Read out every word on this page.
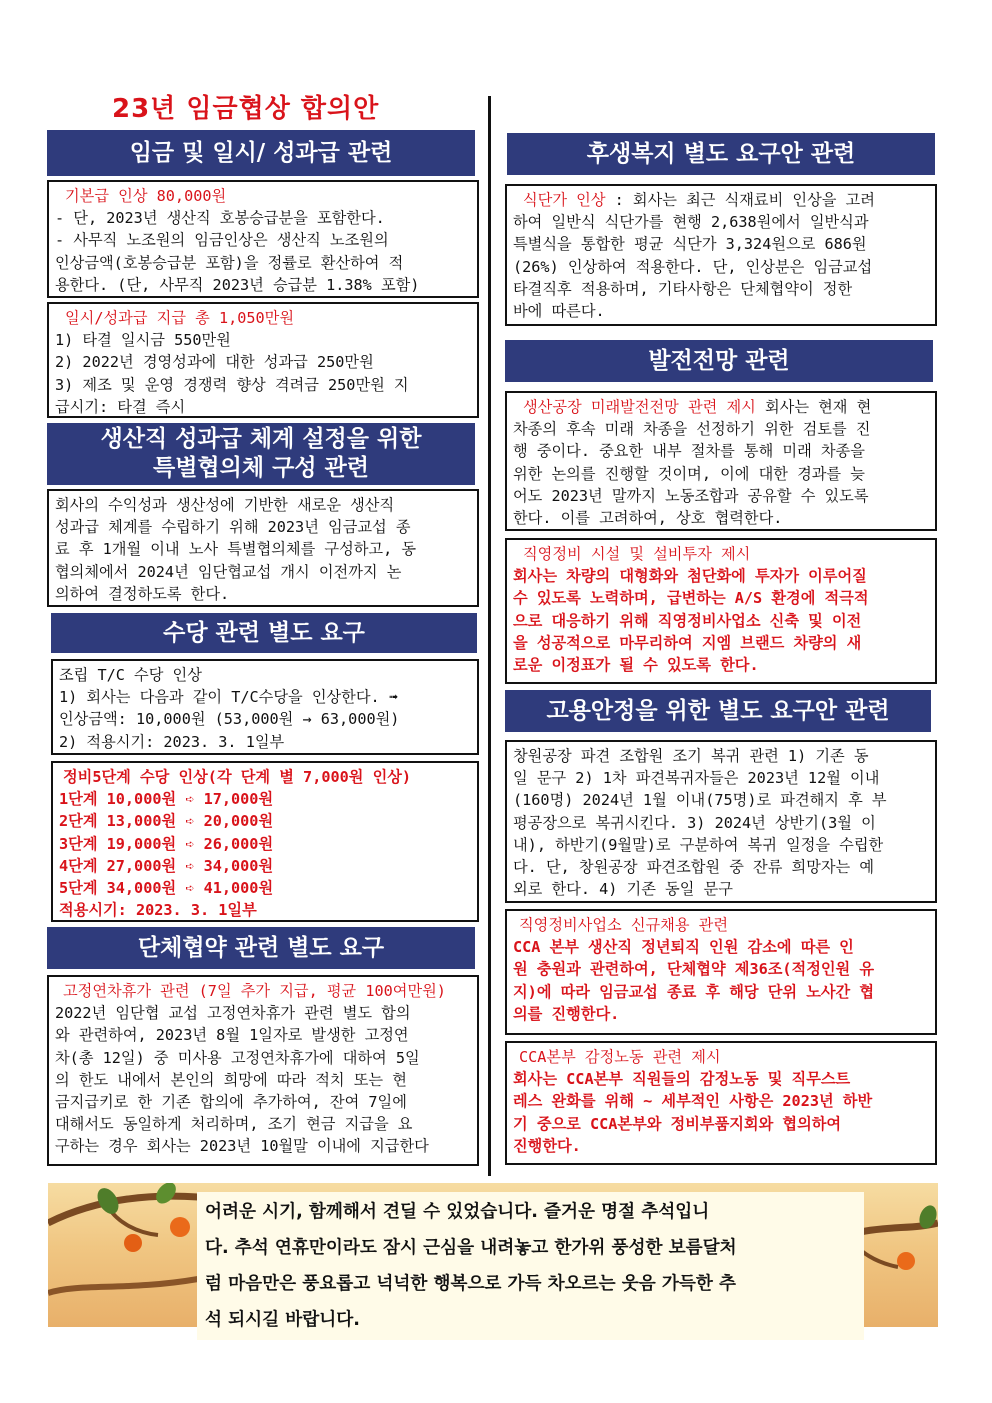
23년 임금협상 합의안
임금 및 일시/ 성과급 관련
기본급 인상 80,000원
- 단, 2023년 생산직 호봉승급분을 포함한다.
- 사무직 노조원의 임금인상은 생산직 노조원의
인상금액(호봉승급분 포함)을 정률로 환산하여 적
용한다. (단, 사무직 2023년 승급분 1.38% 포함)
일시/성과급 지급 총 1,050만원
1) 타결 일시금 550만원
2) 2022년 경영성과에 대한 성과급 250만원
3) 제조 및 운영 경쟁력 향상 격려금 250만원 지
급시기: 타결 즉시
생산직 성과급 체계 설정을 위한
특별협의체 구성 관련
회사의 수익성과 생산성에 기반한 새로운 생산직
성과급 체계를 수립하기 위해 2023년 임금교섭 종
료 후 1개월 이내 노사 특별협의체를 구성하고, 동
협의체에서 2024년 임단협교섭 개시 이전까지 논
의하여 결정하도록 한다.
수당 관련 별도 요구
조립 T/C 수당 인상
1) 회사는 다음과 같이 T/C수당을 인상한다. ➟
인상금액: 10,000원 (53,000원 → 63,000원)
2) 적용시기: 2023. 3. 1일부
정비5단계 수당 인상(각 단계 별 7,000원 인상)
1단계 10,000원 ➪ 17,000원
2단계 13,000원 ➪ 20,000원
3단계 19,000원 ➪ 26,000원
4단계 27,000원 ➪ 34,000원
5단계 34,000원 ➪ 41,000원
적용시기: 2023. 3. 1일부
단체협약 관련 별도 요구
고정연차휴가 관련 (7일 추가 지급, 평균 100여만원)
2022년 임단협 교섭 고정연차휴가 관련 별도 합의
와 관련하여, 2023년 8월 1일자로 발생한 고정연
차(총 12일) 중 미사용 고정연차휴가에 대하여 5일
의 한도 내에서 본인의 희망에 따라 적치 또는 현
금지급키로 한 기존 합의에 추가하여, 잔여 7일에
대해서도 동일하게 처리하며, 조기 현금 지급을 요
구하는 경우 회사는 2023년 10월말 이내에 지급한다
후생복지 별도 요구안 관련
식단가 인상 : 회사는 최근 식재료비 인상을 고려
하여 일반식 식단가를 현행 2,638원에서 일반식과
특별식을 통합한 평균 식단가 3,324원으로 686원
(26%) 인상하여 적용한다. 단, 인상분은 임금교섭
타결직후 적용하며, 기타사항은 단체협약이 정한
바에 따른다.
발전전망 관련
생산공장 미래발전전망 관련 제시 회사는 현재 현
차종의 후속 미래 차종을 선정하기 위한 검토를 진
행 중이다. 중요한 내부 절차를 통해 미래 차종을
위한 논의를 진행할 것이며, 이에 대한 경과를 늦
어도 2023년 말까지 노동조합과 공유할 수 있도록
한다. 이를 고려하여, 상호 협력한다.
직영정비 시설 및 설비투자 제시
회사는 차량의 대형화와 첨단화에 투자가 이루어질
수 있도록 노력하며, 급변하는 A/S 환경에 적극적
으로 대응하기 위해 직영정비사업소 신축 및 이전
을 성공적으로 마무리하여 지엠 브랜드 차량의 새
로운 이정표가 될 수 있도록 한다.
고용안정을 위한 별도 요구안 관련
창원공장 파견 조합원 조기 복귀 관련 1) 기존 동
일 문구 2) 1차 파견복귀자들은 2023년 12월 이내
(160명) 2024년 1월 이내(75명)로 파견해지 후 부
평공장으로 복귀시킨다. 3) 2024년 상반기(3월 이
내), 하반기(9월말)로 구분하여 복귀 일정을 수립한
다. 단, 창원공장 파견조합원 중 잔류 희망자는 예
외로 한다. 4) 기존 동일 문구
직영정비사업소 신규채용 관련
CCA 본부 생산직 정년퇴직 인원 감소에 따른 인
원 충원과 관련하여, 단체협약 제36조(적정인원 유
지)에 따라 임금교섭 종료 후 해당 단위 노사간 협
의를 진행한다.
CCA본부 감정노동 관련 제시
회사는 CCA본부 직원들의 감정노동 및 직무스트
레스 완화를 위해 ~ 세부적인 사항은 2023년 하반
기 중으로 CCA본부와 정비부품지회와 협의하여
진행한다.
어려운 시기, 함께해서 견딜 수 있었습니다. 즐거운 명절 추석입니
다. 추석 연휴만이라도 잠시 근심을 내려놓고 한가위 풍성한 보름달처
럼 마음만은 풍요롭고 넉넉한 행복으로 가득 차오르는 웃음 가득한 추
석 되시길 바랍니다.
